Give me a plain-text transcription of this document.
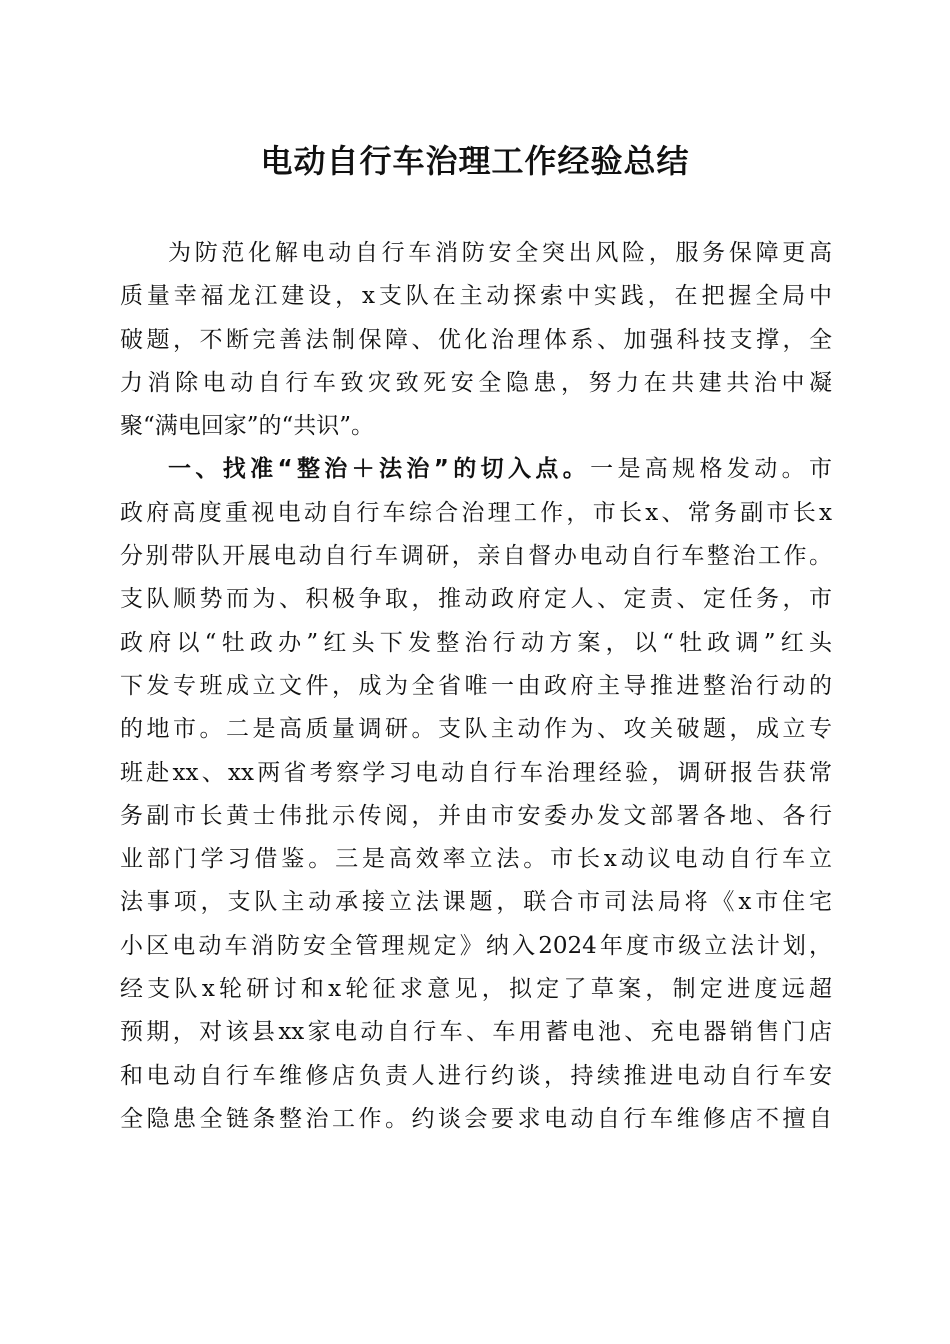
电动自行车治理工作经验总结
为防范化解电动自行车消防安全突出风险，服务保障更高
质量幸福龙江建设，x支队在主动探索中实践，在把握全局中
破题，不断完善法制保障、优化治理体系、加强科技支撑，全
力消除电动自行车致灾致死安全隐患，努力在共建共治中凝
聚“满电回家”的“共识”。
一、找准“整治＋法治”的切入点。一是高规格发动。市
政府高度重视电动自行车综合治理工作，市长x、常务副市长x
分别带队开展电动自行车调研，亲自督办电动自行车整治工作。
支队顺势而为、积极争取，推动政府定人、定责、定任务，市
政府以“牡政办”红头下发整治行动方案，以“牡政调”红头
下发专班成立文件，成为全省唯一由政府主导推进整治行动的
的地市。二是高质量调研。支队主动作为、攻关破题，成立专
班赴xx、xx两省考察学习电动自行车治理经验，调研报告获常
务副市长黄士伟批示传阅，并由市安委办发文部署各地、各行
业部门学习借鉴。三是高效率立法。市长x动议电动自行车立
法事项，支队主动承接立法课题，联合市司法局将《x市住宅
小区电动车消防安全管理规定》纳入2024年度市级立法计划，
经支队x轮研讨和x轮征求意见，拟定了草案，制定进度远超
预期，对该县xx家电动自行车、车用蓄电池、充电器销售门店
和电动自行车维修店负责人进行约谈，持续推进电动自行车安
全隐患全链条整治工作。约谈会要求电动自行车维修店不擅自
